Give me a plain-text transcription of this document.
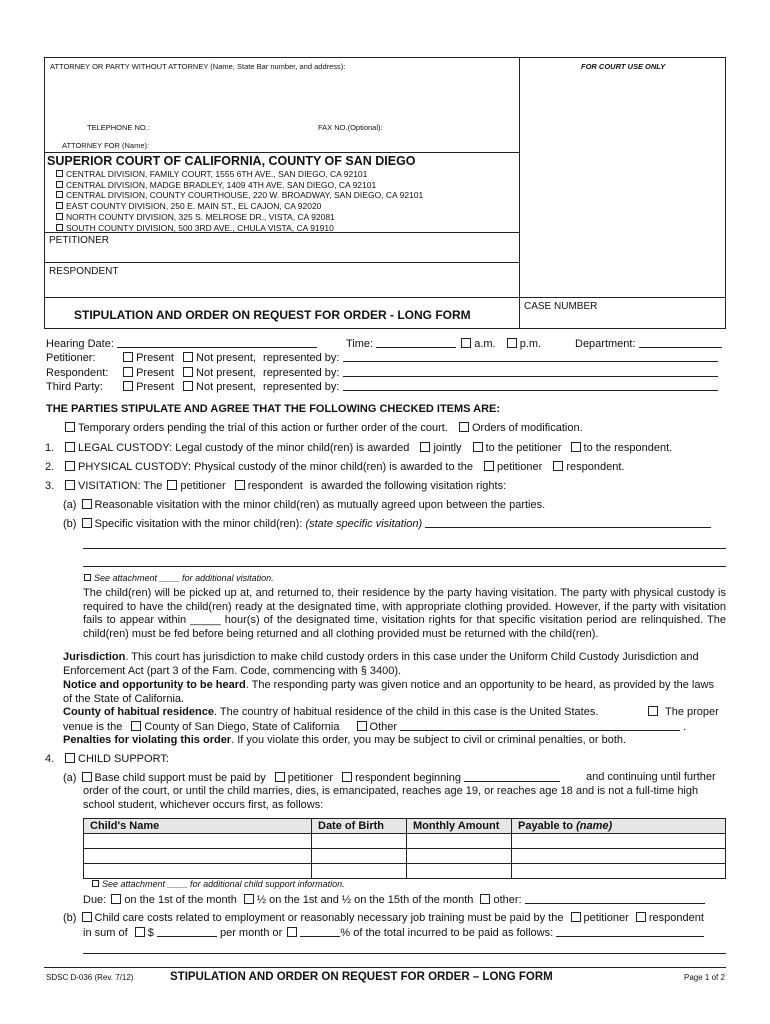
ATTORNEY OR PARTY WITHOUT ATTORNEY (Name, State Bar number, and address):	FOR COURT USE ONLY
TELEPHONE NO.:	FAX NO.(Optional):
ATTORNEY FOR (Name):
SUPERIOR COURT OF CALIFORNIA, COUNTY OF SAN DIEGO
CENTRAL DIVISION, FAMILY COURT, 1555 6TH AVE., SAN DIEGO, CA 92101
CENTRAL DIVISION, MADGE BRADLEY, 1409 4TH AVE. SAN DIEGO, CA 92101
CENTRAL DIVISION, COUNTY COURTHOUSE, 220 W. BROADWAY, SAN DIEGO, CA 92101
EAST COUNTY DIVISION, 250 E. MAIN ST., EL CAJON, CA 92020
NORTH COUNTY DIVISION, 325 S. MELROSE DR., VISTA, CA 92081
SOUTH COUNTY DIVISION, 500 3RD AVE., CHULA VISTA, CA 91910
PETITIONER
RESPONDENT
STIPULATION AND ORDER ON REQUEST FOR ORDER - LONG FORM
CASE NUMBER
Hearing Date:	Time:	a.m. p.m.	Department:
Petitioner:	Present Not present, represented by:
Respondent:	Present Not present, represented by:
Third Party:	Present Not present, represented by:
THE PARTIES STIPULATE AND AGREE THAT THE FOLLOWING CHECKED ITEMS ARE:
Temporary orders pending the trial of this action or further order of the court. Orders of modification.
1.	LEGAL CUSTODY: Legal custody of the minor child(ren) is awarded jointly to the petitioner to the respondent.
2.	PHYSICAL CUSTODY: Physical custody of the minor child(ren) is awarded to the petitioner respondent.
3.	VISITATION: The petitioner respondent is awarded the following visitation rights:
(a) Reasonable visitation with the minor child(ren) as mutually agreed upon between the parties.
(b) Specific visitation with the minor child(ren): (state specific visitation)
See attachment ____ for additional visitation.
The child(ren) will be picked up at, and returned to, their residence by the party having visitation. The party with physical custody is required to have the child(ren) ready at the designated time, with appropriate clothing provided. However, if the party with visitation fails to appear within _____ hour(s) of the designated time, visitation rights for that specific visitation period are relinquished. The child(ren) must be fed before being returned and all clothing provided must be returned with the child(ren).
Jurisdiction. This court has jurisdiction to make child custody orders in this case under the Uniform Child Custody Jurisdiction and Enforcement Act (part 3 of the Fam. Code, commencing with § 3400).
Notice and opportunity to be heard. The responding party was given notice and an opportunity to be heard, as provided by the laws of the State of California.
County of habitual residence. The country of habitual residence of the child in this case is the United States.	The proper
venue is the County of San Diego, State of California	Other	.
Penalties for violating this order. If you violate this order, you may be subject to civil or criminal penalties, or both.
4.	CHILD SUPPORT:
(a) Base child support must be paid by petitioner respondent beginning	and continuing until further
order of the court, or until the child marries, dies, is emancipated, reaches age 19, or reaches age 18 and is not a full-time high
school student, whichever occurs first, as follows:
Child's Name	Date of Birth	Monthly Amount	Payable to (name)

See attachment ____ for additional child support information.
Due: on the 1st of the month ½ on the 1st and ½ on the 15th of the month other:
(b) Child care costs related to employment or reasonably necessary job training must be paid by the petitioner respondent
in sum of $	per month or	% of the total incurred to be paid as follows:
SDSC D-036 (Rev. 7/12)	STIPULATION AND ORDER ON REQUEST FOR ORDER – LONG FORM	Page 1 of 2
